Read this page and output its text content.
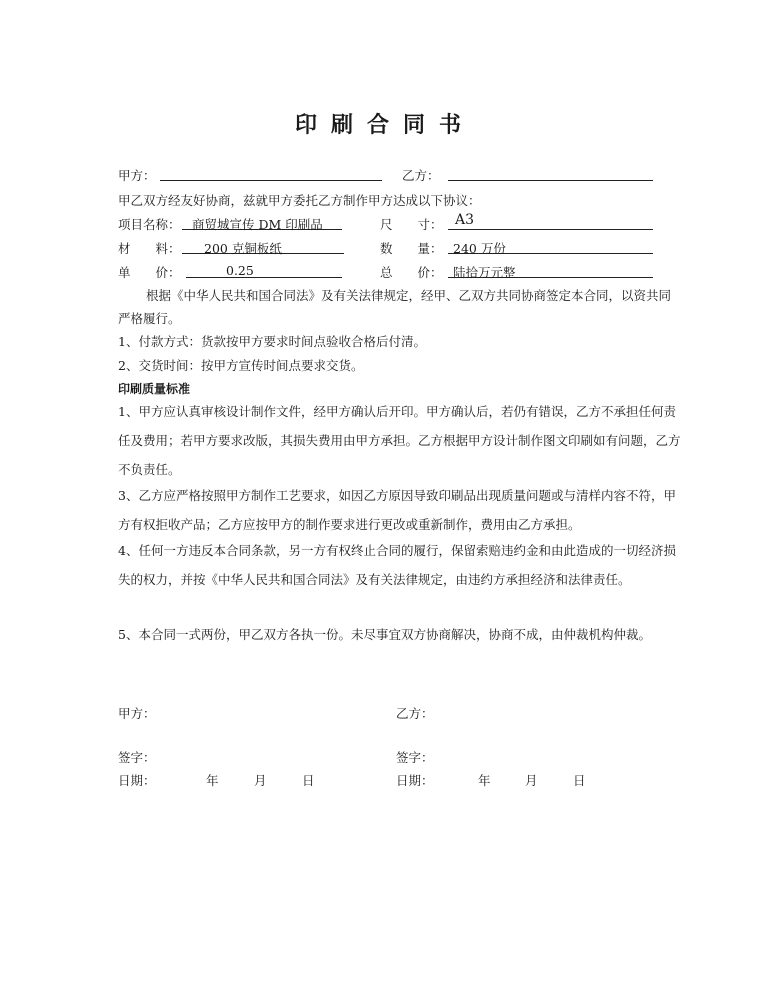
印刷合同书
甲方：	乙方：
甲乙双方经友好协商，兹就甲方委托乙方制作甲方达成以下协议：
项目名称： 商贸城宣传 DM 印刷品	尺　　寸： A3
材　　料： 200 克铜板纸	数　　量： 240 万份
单　　价：	0.25	总　　价： 陆拾万元整
根据《中华人民共和国合同法》及有关法律规定，经甲、乙双方共同协商签定本合同，以资共同严格履行。
1、付款方式：货款按甲方要求时间点验收合格后付清。
2、交货时间：按甲方宣传时间点要求交货。
印刷质量标准
1、甲方应认真审核设计制作文件，经甲方确认后开印。甲方确认后，若仍有错误，乙方不承担任何责任及费用；若甲方要求改版，其损失费用由甲方承担。乙方根据甲方设计制作图文印刷如有问题，乙方不负责任。
3、乙方应严格按照甲方制作工艺要求，如因乙方原因导致印刷品出现质量问题或与清样内容不符，甲方有权拒收产品；乙方应按甲方的制作要求进行更改或重新制作，费用由乙方承担。
4、任何一方违反本合同条款，另一方有权终止合同的履行，保留索赔违约金和由此造成的一切经济损失的权力，并按《中华人民共和国合同法》及有关法律规定，由违约方承担经济和法律责任。
5、本合同一式两份，甲乙双方各执一份。未尽事宜双方协商解决，协商不成，由仲裁机构仲裁。
甲方：	乙方：
签字：	签字：
日期：	年	月	日	日期：	年	月	日
